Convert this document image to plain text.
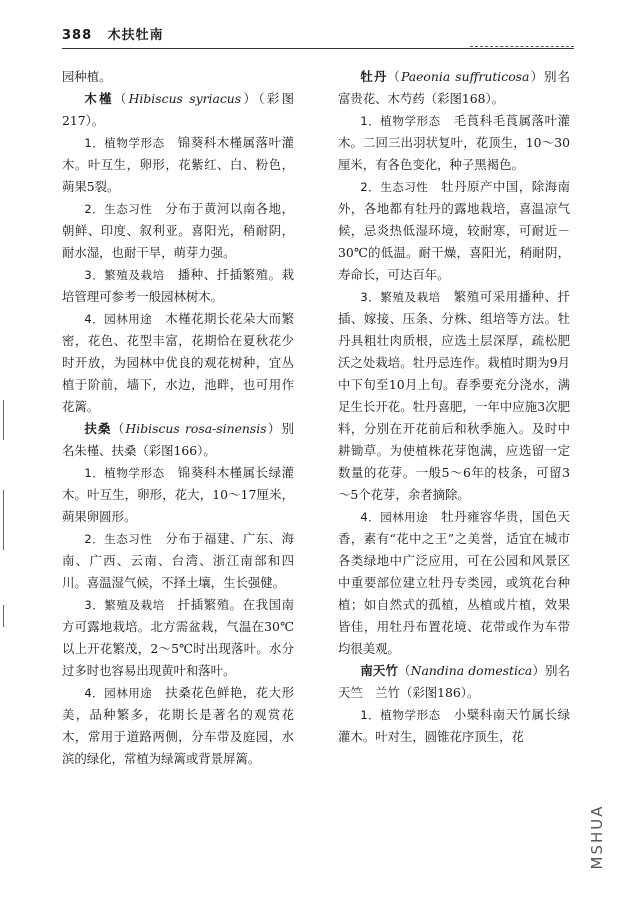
388 木扶牡南

园种植。

木槿（Hibiscus syriacus）（彩图217）。

1．植物学形态　 锦葵科木槿属落叶灌木。叶互生，卵形，花紫红、白、粉色，蒴果5裂。

2．生态习性　 分布于黄河以南各地，朝鲜、印度、叙利亚。喜阳光，稍耐阴，耐水湿，也耐干旱，萌芽力强。

3．繁殖及栽培　 播种、扦插繁殖。栽培管理可参考一般园林树木。

4．园林用途　 木槿花期长花朵大而繁密，花色、花型丰富，花期恰在夏秋花少时开放，为园林中优良的观花树种，宜丛植于阶前，墙下，水边，池畔，也可用作花篱。

扶桑（Hibiscus rosa-sinensis）别名朱槿、扶桑（彩图166）。

1．植物学形态　 锦葵科木槿属长绿灌木。叶互生，卵形，花大，10～17厘米，蒴果卵圆形。

2．生态习性　 分布于福建、广东、海南、广西、云南、台湾、浙江南部和四川。喜温湿气候，不择土壤，生长强健。

3．繁殖及栽培　 扦插繁殖。在我国南方可露地栽培。北方需盆栽，气温在30℃以上开花繁茂，2～5℃时出现落叶。水分过多时也容易出现黄叶和落叶。

4．园林用途　 扶桑花色鲜艳，花大形美，品种繁多，花期长是著名的观赏花木，常用于道路两侧，分车带及庭园，水滨的绿化，常植为绿篱或背景屏篱。

牡丹（Paeonia suffruticosa）别名富贵花、木芍药（彩图168）。

1．植物学形态　 毛莨科毛莨属落叶灌木。二回三出羽状复叶，花顶生，10～30厘米，有各色变化，种子黑褐色。

2．生态习性　 牡丹原产中国，除海南外，各地都有牡丹的露地栽培，喜温凉气候，忌炎热低湿环境，较耐寒，可耐近－30℃的低温。耐干燥，喜阳光，稍耐阴，寿命长，可达百年。

3．繁殖及栽培　 繁殖可采用播种、扦插、嫁接、压条、分株、组培等方法。牡丹具粗壮肉质根，应选土层深厚，疏松肥沃之处栽培。牡丹忌连作。栽植时期为9月中下旬至10月上旬。春季要充分浇水，满足生长开花。牡丹喜肥，一年中应施3次肥料，分别在开花前后和秋季施入。及时中耕锄草。为使植株花芽饱满，应选留一定数量的花芽。一般5～6年的枝条，可留3～5个花芽，余者摘除。

4．园林用途　 牡丹雍容华贵，国色天香，素有“花中之王”之美誉，适宜在城市各类绿地中广泛应用，可在公园和风景区中重要部位建立牡丹专类园，或筑花台种植；如自然式的孤植，丛植或片植，效果皆佳，用牡丹布置花境、花带或作为车带均很美观。

南天竹（Nandina domestica）别名天竺　兰竹（彩图186）。

1．植物学形态　 小檗科南天竹属长绿灌木。叶对生，圆锥花序顶生，花

MSHUA
